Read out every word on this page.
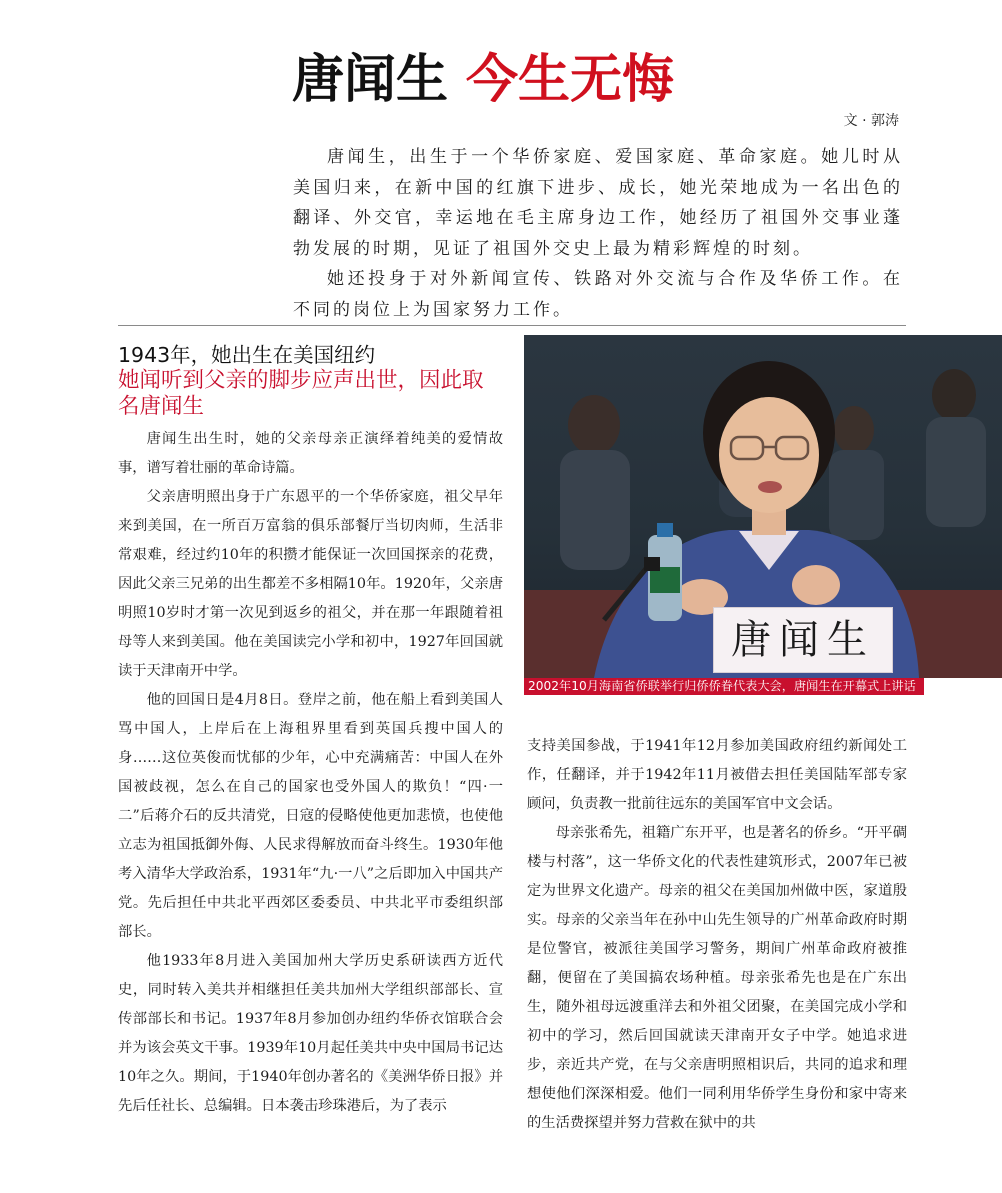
唐闻生 今生无悔
文 · 郭涛

唐闻生，出生于一个华侨家庭、爱国家庭、革命家庭。她儿时从美国归来，在新中国的红旗下进步、成长，她光荣地成为一名出色的翻译、外交官，幸运地在毛主席身边工作，她经历了祖国外交事业蓬勃发展的时期，见证了祖国外交史上最为精彩辉煌的时刻。

她还投身于对外新闻宣传、铁路对外交流与合作及华侨工作。在不同的岗位上为国家努力工作。

1943年，她出生在美国纽约
她闻听到父亲的脚步应声出世，因此取名唐闻生

唐闻生出生时，她的父亲母亲正演绎着纯美的爱情故事，谱写着壮丽的革命诗篇。

父亲唐明照出身于广东恩平的一个华侨家庭，祖父早年来到美国，在一所百万富翁的俱乐部餐厅当切肉师，生活非常艰难，经过约10年的积攒才能保证一次回国探亲的花费，因此父亲三兄弟的出生都差不多相隔10年。1920年，父亲唐明照10岁时才第一次见到返乡的祖父，并在那一年跟随着祖母等人来到美国。他在美国读完小学和初中，1927年回国就读于天津南开中学。

他的回国日是4月8日。登岸之前，他在船上看到美国人骂中国人，上岸后在上海租界里看到英国兵搜中国人的身……这位英俊而忧郁的少年，心中充满痛苦：中国人在外国被歧视，怎么在自己的国家也受外国人的欺负！“四·一二”后蒋介石的反共清党，日寇的侵略使他更加悲愤，也使他立志为祖国抵御外侮、人民求得解放而奋斗终生。1930年他考入清华大学政治系，1931年“九·一八”之后即加入中国共产党。先后担任中共北平西郊区委委员、中共北平市委组织部部长。

他1933年8月进入美国加州大学历史系研读西方近代史，同时转入美共并相继担任美共加州大学组织部部长、宣传部部长和书记。1937年8月参加创办纽约华侨衣馆联合会并为该会英文干事。1939年10月起任美共中央中国局书记达10年之久。期间，于1940年创办著名的《美洲华侨日报》并先后任社长、总编辑。日本袭击珍珠港后，为了表示

唐闻生
2002年10月海南省侨联举行归侨侨眷代表大会，唐闻生在开幕式上讲话

支持美国参战，于1941年12月参加美国政府纽约新闻处工作，任翻译，并于1942年11月被借去担任美国陆军部专家顾问，负责教一批前往远东的美国军官中文会话。

母亲张希先，祖籍广东开平，也是著名的侨乡。“开平碉楼与村落”，这一华侨文化的代表性建筑形式，2007年已被定为世界文化遗产。母亲的祖父在美国加州做中医，家道殷实。母亲的父亲当年在孙中山先生领导的广州革命政府时期是位警官，被派往美国学习警务，期间广州革命政府被推翻，便留在了美国搞农场种植。母亲张希先也是在广东出生，随外祖母远渡重洋去和外祖父团聚，在美国完成小学和初中的学习，然后回国就读天津南开女子中学。她追求进步，亲近共产党，在与父亲唐明照相识后，共同的追求和理想使他们深深相爱。他们一同利用华侨学生身份和家中寄来的生活费探望并努力营救在狱中的共
